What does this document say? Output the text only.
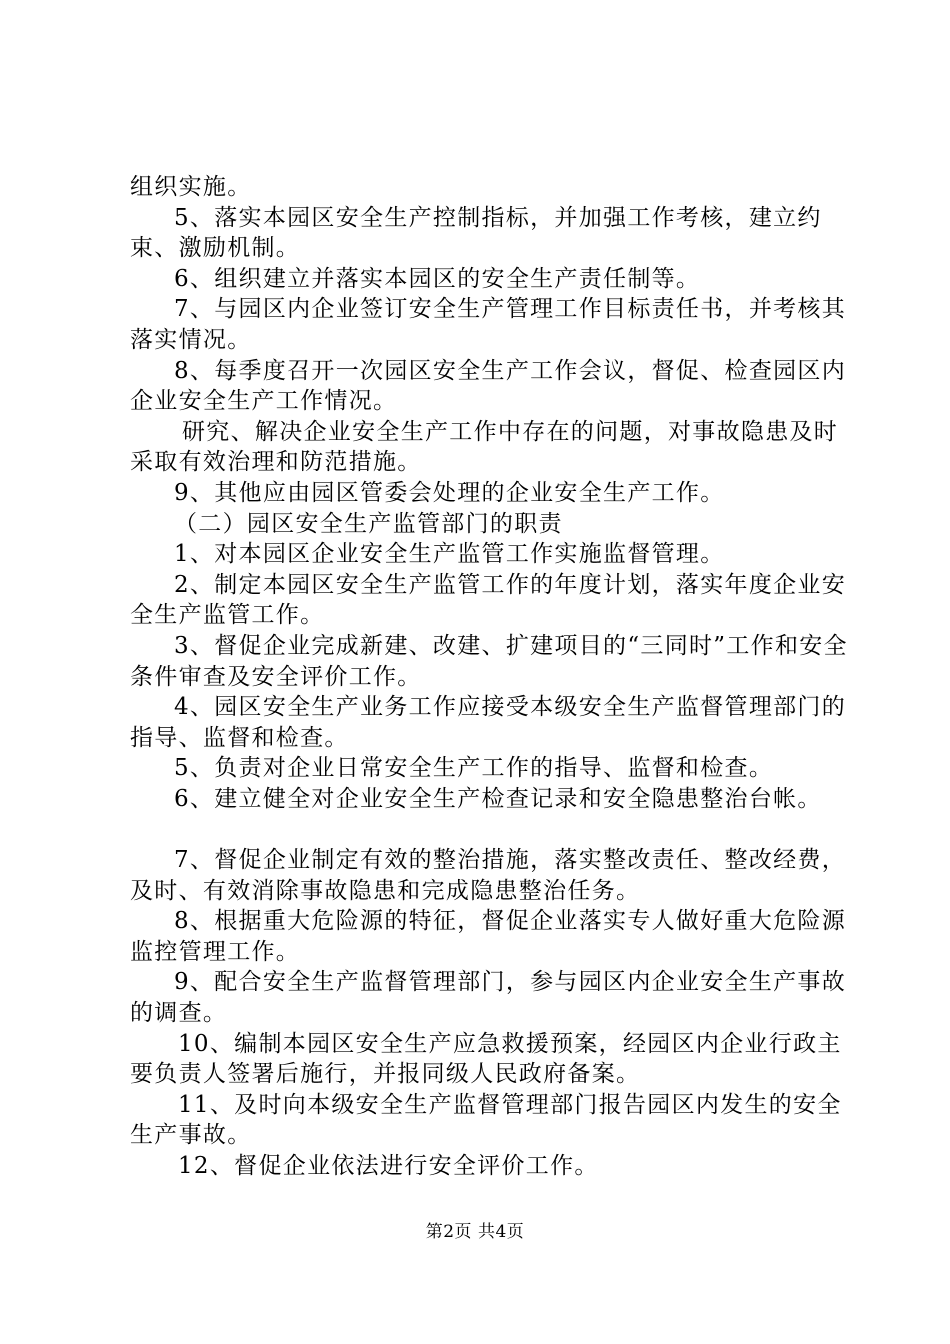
组织实施。

5、落实本园区安全生产控制指标，并加强工作考核，建立约束、激励机制。

6、组织建立并落实本园区的安全生产责任制等。

7、与园区内企业签订安全生产管理工作目标责任书，并考核其落实情况。

8、每季度召开一次园区安全生产工作会议，督促、检查园区内企业安全生产工作情况。

研究、解决企业安全生产工作中存在的问题，对事故隐患及时采取有效治理和防范措施。

9、其他应由园区管委会处理的企业安全生产工作。

（二）园区安全生产监管部门的职责

1、对本园区企业安全生产监管工作实施监督管理。

2、制定本园区安全生产监管工作的年度计划，落实年度企业安全生产监管工作。

3、督促企业完成新建、改建、扩建项目的“三同时”工作和安全条件审查及安全评价工作。

4、园区安全生产业务工作应接受本级安全生产监督管理部门的指导、监督和检查。

5、负责对企业日常安全生产工作的指导、监督和检查。

6、建立健全对企业安全生产检查记录和安全隐患整治台帐。

7、督促企业制定有效的整治措施，落实整改责任、整改经费，及时、有效消除事故隐患和完成隐患整治任务。

8、根据重大危险源的特征，督促企业落实专人做好重大危险源监控管理工作。

9、配合安全生产监督管理部门，参与园区内企业安全生产事故的调查。

10、编制本园区安全生产应急救援预案，经园区内企业行政主要负责人签署后施行，并报同级人民政府备案。

11、及时向本级安全生产监督管理部门报告园区内发生的安全生产事故。

12、督促企业依法进行安全评价工作。

第2页 共4页
